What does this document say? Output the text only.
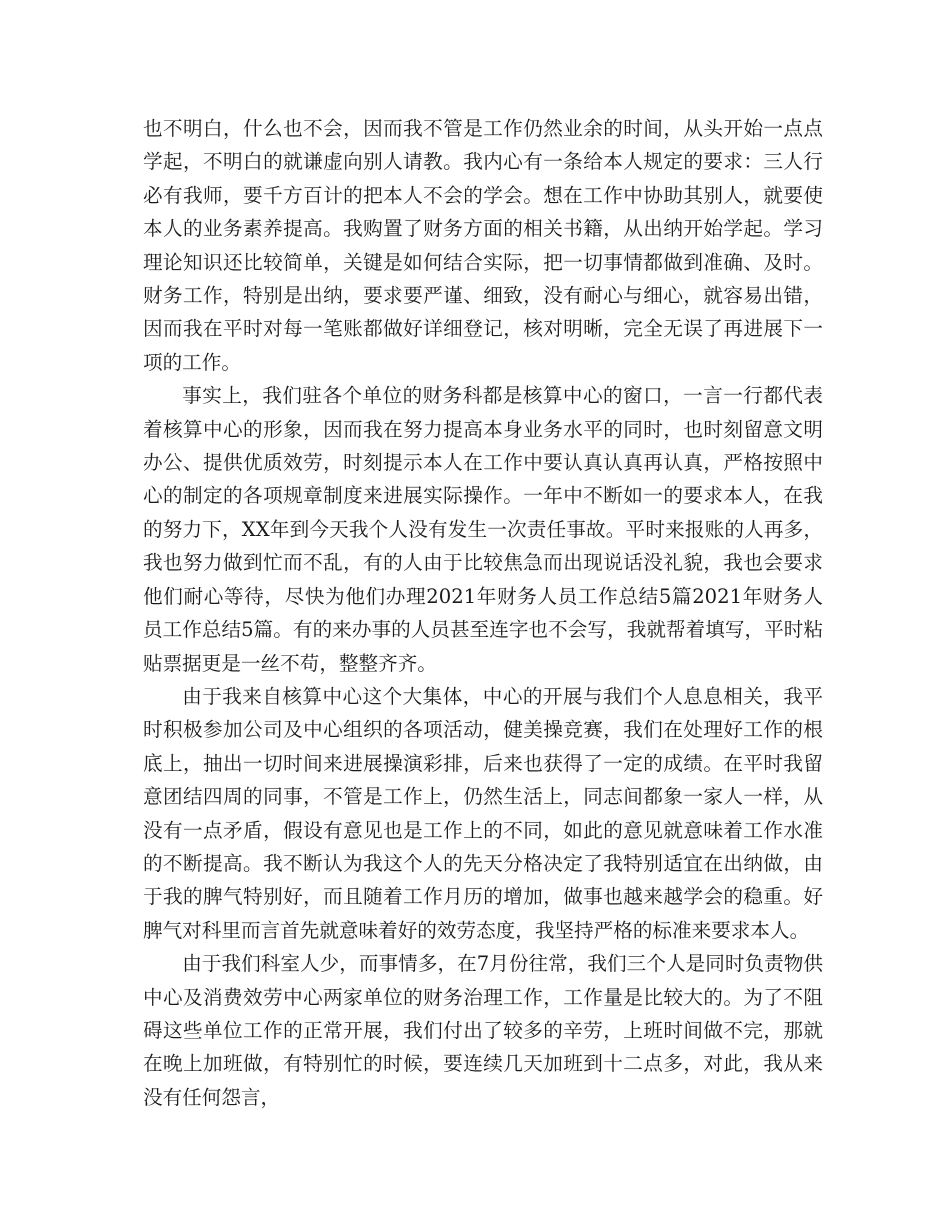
也不明白，什么也不会，因而我不管是工作仍然业余的时间，从头开始一点点学起，不明白的就谦虚向别人请教。我内心有一条给本人规定的要求：三人行必有我师，要千方百计的把本人不会的学会。想在工作中协助其别人，就要使本人的业务素养提高。我购置了财务方面的相关书籍，从出纳开始学起。学习理论知识还比较简单，关键是如何结合实际，把一切事情都做到准确、及时。财务工作，特别是出纳，要求要严谨、细致，没有耐心与细心，就容易出错，因而我在平时对每一笔账都做好详细登记，核对明晰，完全无误了再进展下一项的工作。

事实上，我们驻各个单位的财务科都是核算中心的窗口，一言一行都代表着核算中心的形象，因而我在努力提高本身业务水平的同时，也时刻留意文明办公、提供优质效劳，时刻提示本人在工作中要认真认真再认真，严格按照中心的制定的各项规章制度来进展实际操作。一年中不断如一的要求本人，在我的努力下，XX年到今天我个人没有发生一次责任事故。平时来报账的人再多，我也努力做到忙而不乱，有的人由于比较焦急而出现说话没礼貌，我也会要求他们耐心等待，尽快为他们办理2021年财务人员工作总结5篇2021年财务人员工作总结5篇。有的来办事的人员甚至连字也不会写，我就帮着填写，平时粘贴票据更是一丝不苟，整整齐齐。

由于我来自核算中心这个大集体，中心的开展与我们个人息息相关，我平时积极参加公司及中心组织的各项活动，健美操竞赛，我们在处理好工作的根底上，抽出一切时间来进展操演彩排，后来也获得了一定的成绩。在平时我留意团结四周的同事，不管是工作上，仍然生活上，同志间都象一家人一样，从没有一点矛盾，假设有意见也是工作上的不同，如此的意见就意味着工作水准的不断提高。我不断认为我这个人的先天分格决定了我特别适宜在出纳做，由于我的脾气特别好，而且随着工作月历的增加，做事也越来越学会的稳重。好脾气对科里而言首先就意味着好的效劳态度，我坚持严格的标准来要求本人。

由于我们科室人少，而事情多，在7月份往常，我们三个人是同时负责物供中心及消费效劳中心两家单位的财务治理工作，工作量是比较大的。为了不阻碍这些单位工作的正常开展，我们付出了较多的辛劳，上班时间做不完，那就在晚上加班做，有特别忙的时候，要连续几天加班到十二点多，对此，我从来没有任何怨言，
